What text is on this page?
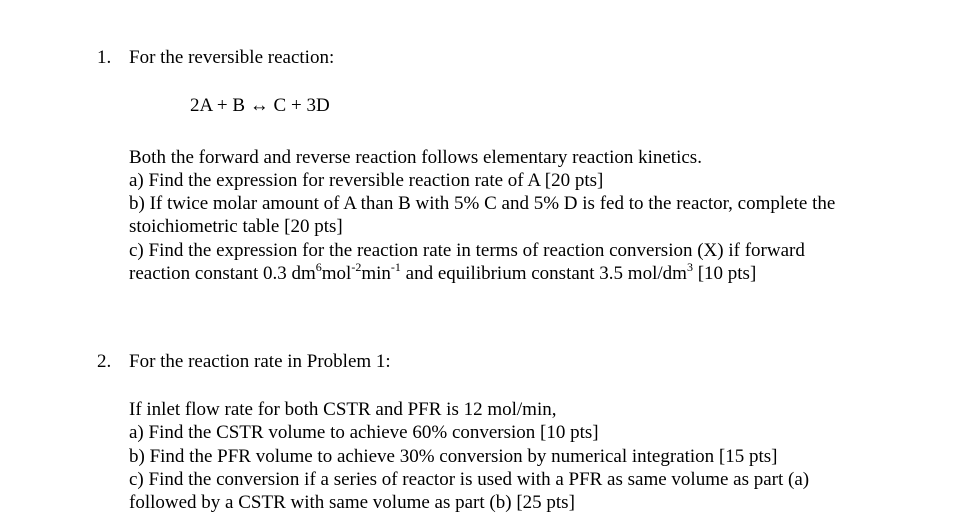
1. For the reversible reaction:
2A + B ↔ C + 3D
Both the forward and reverse reaction follows elementary reaction kinetics.
a) Find the expression for reversible reaction rate of A [20 pts]
b) If twice molar amount of A than B with 5% C and 5% D is fed to the reactor, complete the
stoichiometric table [20 pts]
c) Find the expression for the reaction rate in terms of reaction conversion (X) if forward
reaction constant 0.3 $dm^6mol^{-2}\min^{-1}$ and equilibrium constant 3.5 mol/$dm^3$ [10 pts]
2. For the reaction rate in Problem 1:
If inlet flow rate for both CSTR and PFR is 12 mol/min,
a) Find the CSTR volume to achieve 60% conversion [10 pts]
b) Find the PFR volume to achieve 30% conversion by numerical integration [15 pts]
c) Find the conversion if a series of reactor is used with a PFR as same volume as part (a)
followed by a CSTR with same volume as part (b) [25 pts]
